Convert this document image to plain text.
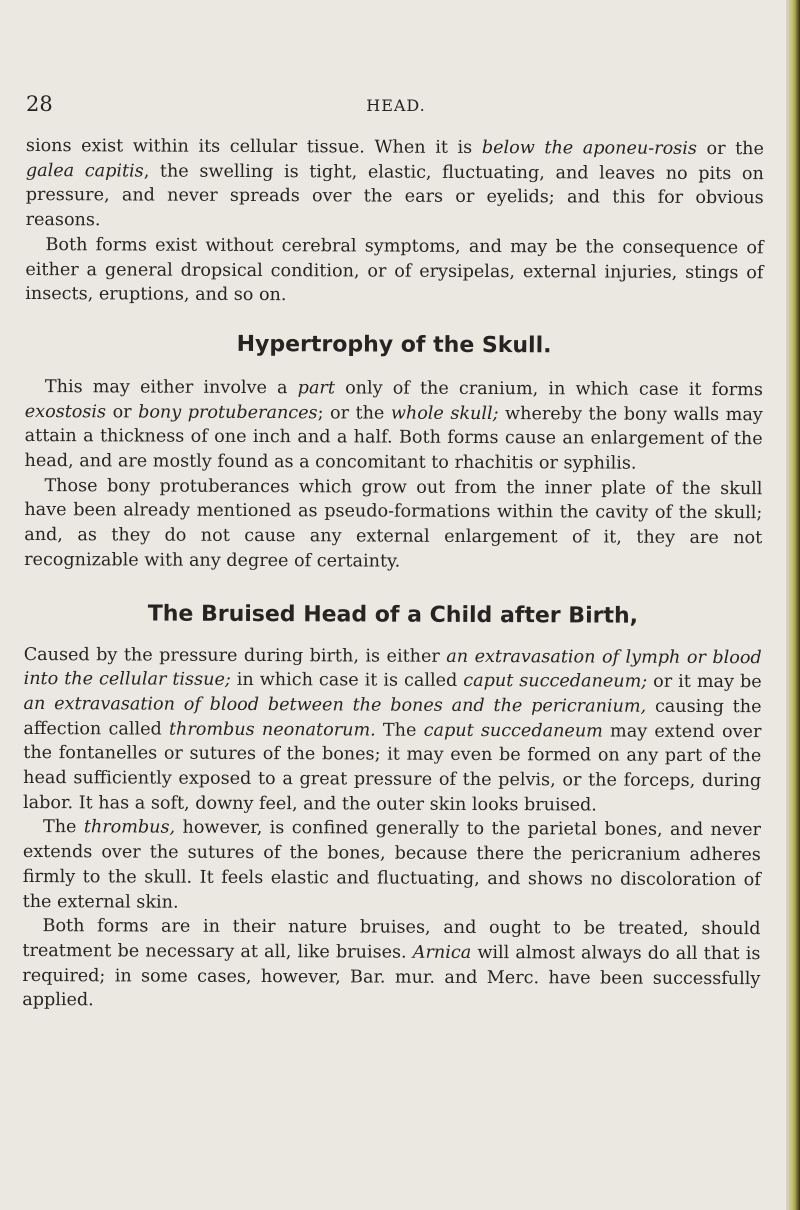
28	HEAD.

sions exist within its cellular tissue. When it is below the aponeu-rosis or the galea capitis, the swelling is tight, elastic, fluctuating, and leaves no pits on pressure, and never spreads over the ears or eyelids; and this for obvious reasons.

Both forms exist without cerebral symptoms, and may be the consequence of either a general dropsical condition, or of erysipelas, external injuries, stings of insects, eruptions, and so on.

Hypertrophy of the Skull.

This may either involve a part only of the cranium, in which case it forms exostosis or bony protuberances; or the whole skull; whereby the bony walls may attain a thickness of one inch and a half. Both forms cause an enlargement of the head, and are mostly found as a concomitant to rhachitis or syphilis.

Those bony protuberances which grow out from the inner plate of the skull have been already mentioned as pseudo-formations within the cavity of the skull; and, as they do not cause any external enlargement of it, they are not recognizable with any degree of certainty.

The Bruised Head of a Child after Birth,

Caused by the pressure during birth, is either an extravasation of lymph or blood into the cellular tissue; in which case it is called caput succedaneum; or it may be an extravasation of blood between the bones and the pericranium, causing the affection called thrombus neonatorum. The caput succedaneum may extend over the fontanelles or sutures of the bones; it may even be formed on any part of the head sufficiently exposed to a great pressure of the pelvis, or the forceps, during labor. It has a soft, downy feel, and the outer skin looks bruised.

The thrombus, however, is confined generally to the parietal bones, and never extends over the sutures of the bones, because there the pericranium adheres firmly to the skull. It feels elastic and fluctuating, and shows no discoloration of the external skin.

Both forms are in their nature bruises, and ought to be treated, should treatment be necessary at all, like bruises. Arnica will almost always do all that is required; in some cases, however, Bar. mur. and Merc. have been successfully applied.
